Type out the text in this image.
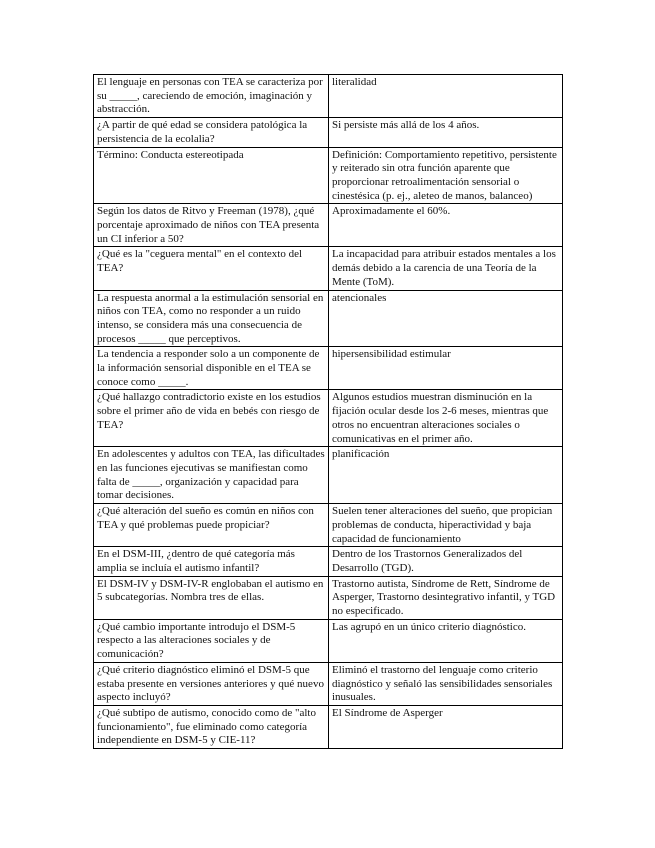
El lenguaje en personas con TEA se caracteriza por su _____, careciendo de emoción, imaginación y abstracción.	literalidad
¿A partir de qué edad se considera patológica la persistencia de la ecolalia?	Si persiste más allá de los 4 años.
Término: Conducta estereotipada	Definición: Comportamiento repetitivo, persistente y reiterado sin otra función aparente que proporcionar retroalimentación sensorial o cinestésica (p. ej., aleteo de manos, balanceo)
Según los datos de Ritvo y Freeman (1978), ¿qué porcentaje aproximado de niños con TEA presenta un CI inferior a 50?	Aproximadamente el 60%.
¿Qué es la "ceguera mental" en el contexto del TEA?	La incapacidad para atribuir estados mentales a los demás debido a la carencia de una Teoría de la Mente (ToM).
La respuesta anormal a la estimulación sensorial en niños con TEA, como no responder a un ruido intenso, se considera más una consecuencia de procesos _____ que perceptivos.	atencionales
La tendencia a responder solo a un componente de la información sensorial disponible en el TEA se conoce como _____.	hipersensibilidad estimular
¿Qué hallazgo contradictorio existe en los estudios sobre el primer año de vida en bebés con riesgo de TEA?	Algunos estudios muestran disminución en la fijación ocular desde los 2-6 meses, mientras que otros no encuentran alteraciones sociales o comunicativas en el primer año.
En adolescentes y adultos con TEA, las dificultades en las funciones ejecutivas se manifiestan como falta de _____, organización y capacidad para tomar decisiones.	planificación
¿Qué alteración del sueño es común en niños con TEA y qué problemas puede propiciar?	Suelen tener alteraciones del sueño, que propician problemas de conducta, hiperactividad y baja capacidad de funcionamiento
En el DSM-III, ¿dentro de qué categoría más amplia se incluía el autismo infantil?	Dentro de los Trastornos Generalizados del Desarrollo (TGD).
El DSM-IV y DSM-IV-R englobaban el autismo en 5 subcategorías. Nombra tres de ellas.	Trastorno autista, Síndrome de Rett, Síndrome de Asperger, Trastorno desintegrativo infantil, y TGD no especificado.
¿Qué cambio importante introdujo el DSM-5 respecto a las alteraciones sociales y de comunicación?	Las agrupó en un único criterio diagnóstico.
¿Qué criterio diagnóstico eliminó el DSM-5 que estaba presente en versiones anteriores y qué nuevo aspecto incluyó?	Eliminó el trastorno del lenguaje como criterio diagnóstico y señaló las sensibilidades sensoriales inusuales.
¿Qué subtipo de autismo, conocido como de "alto funcionamiento", fue eliminado como categoría independiente en DSM-5 y CIE-11?	El Síndrome de Asperger
